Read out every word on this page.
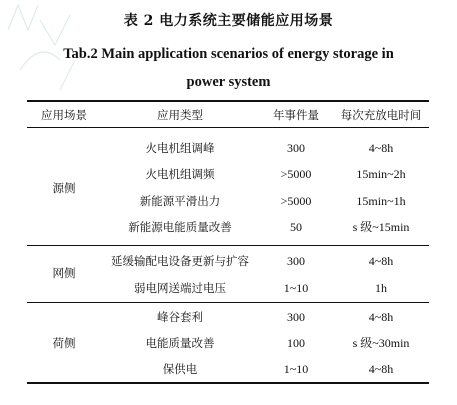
表 2 电力系统主要储能应用场景
Tab.2 Main application scenarios of energy storage in
power system
应用场景	应用类型	年事件量	每次充放电时间
源侧
火电机组调峰	300	4~8h
火电机组调频	>5000	15min~2h
新能源平滑出力	>5000	15min~1h
新能源电能质量改善	50	s 级~15min
网侧
延缓输配电设备更新与扩容	300	4~8h
弱电网送端过电压	1~10	1h
荷侧
峰谷套利	300	4~8h
电能质量改善	100	s 级~30min
保供电	1~10	4~8h
